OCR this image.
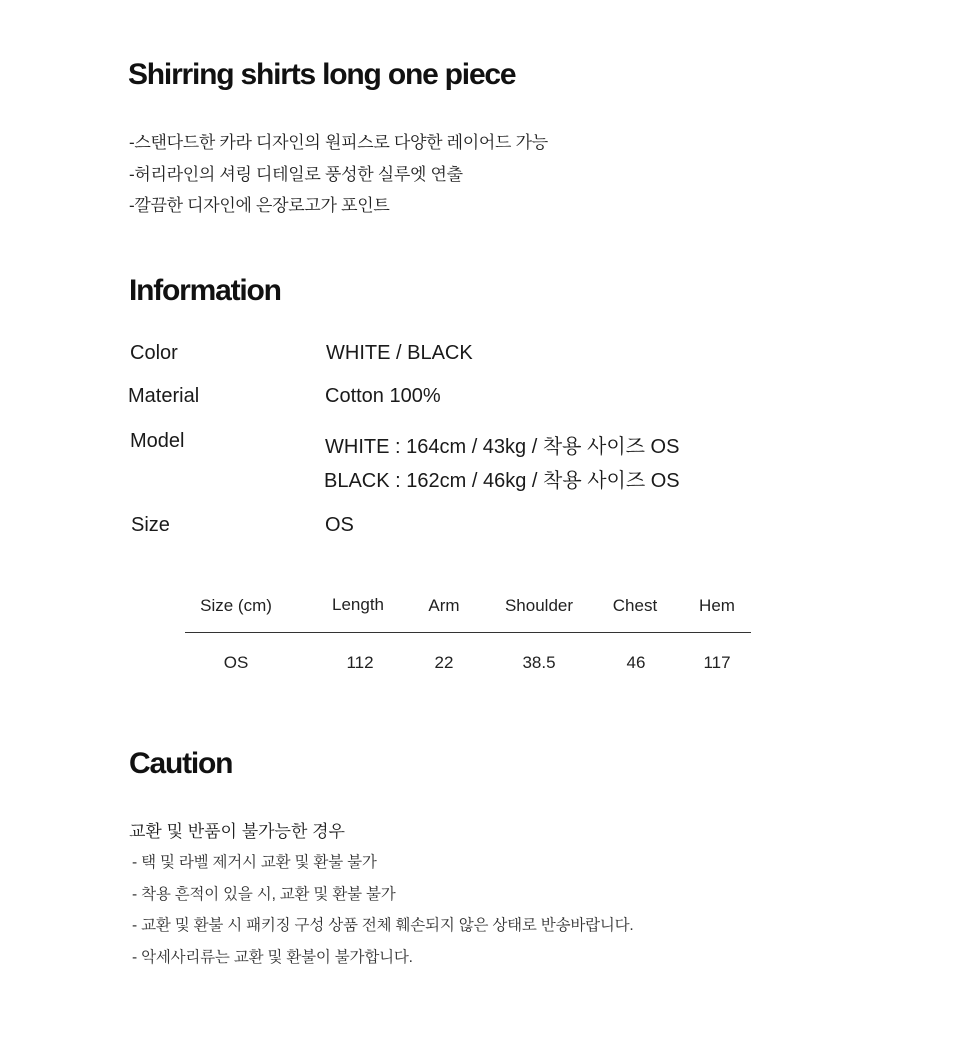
Shirring shirts long one piece
-스탠다드한 카라 디자인의 원피스로 다양한 레이어드 가능
-허리라인의 셔링 디테일로 풍성한 실루엣 연출
-깔끔한 디자인에 은장로고가 포인트
Information
Color	WHITE / BLACK
Material	Cotton 100%
Model	WHITE : 164cm / 43kg / 착용 사이즈 OS
BLACK : 162cm / 46kg / 착용 사이즈 OS
Size	OS
Size (cm)	Length	Arm	Shoulder	Chest	Hem
OS	112	22	38.5	46	117
Caution
교환 및 반품이 불가능한 경우
- 택 및 라벨 제거시 교환 및 환불 불가
- 착용 흔적이 있을 시, 교환 및 환불 불가
- 교환 및 환불 시 패키징 구성 상품 전체 훼손되지 않은 상태로 반송바랍니다.
- 악세사리류는 교환 및 환불이 불가합니다.
